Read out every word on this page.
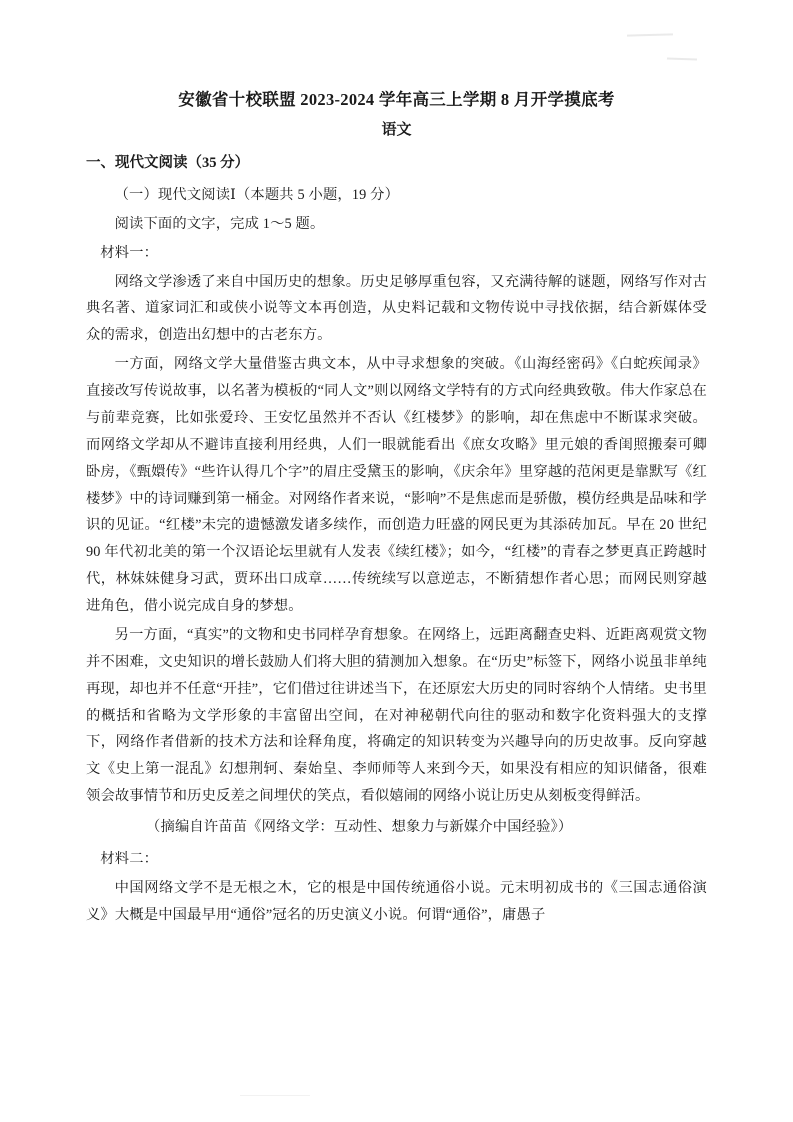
安徽省十校联盟 2023-2024 学年高三上学期 8 月开学摸底考
语文
一、现代文阅读（35 分）

（一）现代文阅读Ⅰ（本题共 5 小题，19 分）

阅读下面的文字，完成 1～5 题。

材料一：

网络文学渗透了来自中国历史的想象。历史足够厚重包容，又充满待解的谜题，网络写作对古典名著、道家词汇和或侠小说等文本再创造，从史料记载和文物传说中寻找依据，结合新媒体受众的需求，创造出幻想中的古老东方。

一方面，网络文学大量借鉴古典文本，从中寻求想象的突破。《山海经密码》《白蛇疾闻录》直接改写传说故事，以名著为模板的“同人文”则以网络文学特有的方式向经典致敬。伟大作家总在与前辈竞赛，比如张爱玲、王安忆虽然并不否认《红楼梦》的影响，却在焦虑中不断谋求突破。而网络文学却从不避讳直接利用经典，人们一眼就能看出《庶女攻略》里元娘的香闺照搬秦可卿卧房，《甄嬛传》“些许认得几个字”的眉庄受黛玉的影响，《庆余年》里穿越的范闲更是靠默写《红楼梦》中的诗词赚到第一桶金。对网络作者来说，“影响”不是焦虑而是骄傲，模仿经典是品味和学识的见证。“红楼”未完的遗憾激发诸多续作，而创造力旺盛的网民更为其添砖加瓦。早在 20 世纪 90 年代初北美的第一个汉语论坛里就有人发表《续红楼》；如今，“红楼”的青春之梦更真正跨越时代，林妹妹健身习武，贾环出口成章……传统续写以意逆志，不断猜想作者心思；而网民则穿越进角色，借小说完成自身的梦想。

另一方面，“真实”的文物和史书同样孕育想象。在网络上，远距离翻查史料、近距离观赏文物并不困难，文史知识的增长鼓励人们将大胆的猜测加入想象。在“历史”标签下，网络小说虽非单纯再现，却也并不任意“开挂”，它们借过往讲述当下，在还原宏大历史的同时容纳个人情绪。史书里的概括和省略为文学形象的丰富留出空间，在对神秘朝代向往的驱动和数字化资料强大的支撑下，网络作者借新的技术方法和诠释角度，将确定的知识转变为兴趣导向的历史故事。反向穿越文《史上第一混乱》幻想荆轲、秦始皇、李师师等人来到今天，如果没有相应的知识储备，很难领会故事情节和历史反差之间埋伏的笑点，看似嬉闹的网络小说让历史从刻板变得鲜活。

（摘编自许苗苗《网络文学：互动性、想象力与新媒介中国经验》）

材料二：

中国网络文学不是无根之木，它的根是中国传统通俗小说。元末明初成书的《三国志通俗演义》大概是中国最早用“通俗”冠名的历史演义小说。何谓“通俗”，庸愚子
